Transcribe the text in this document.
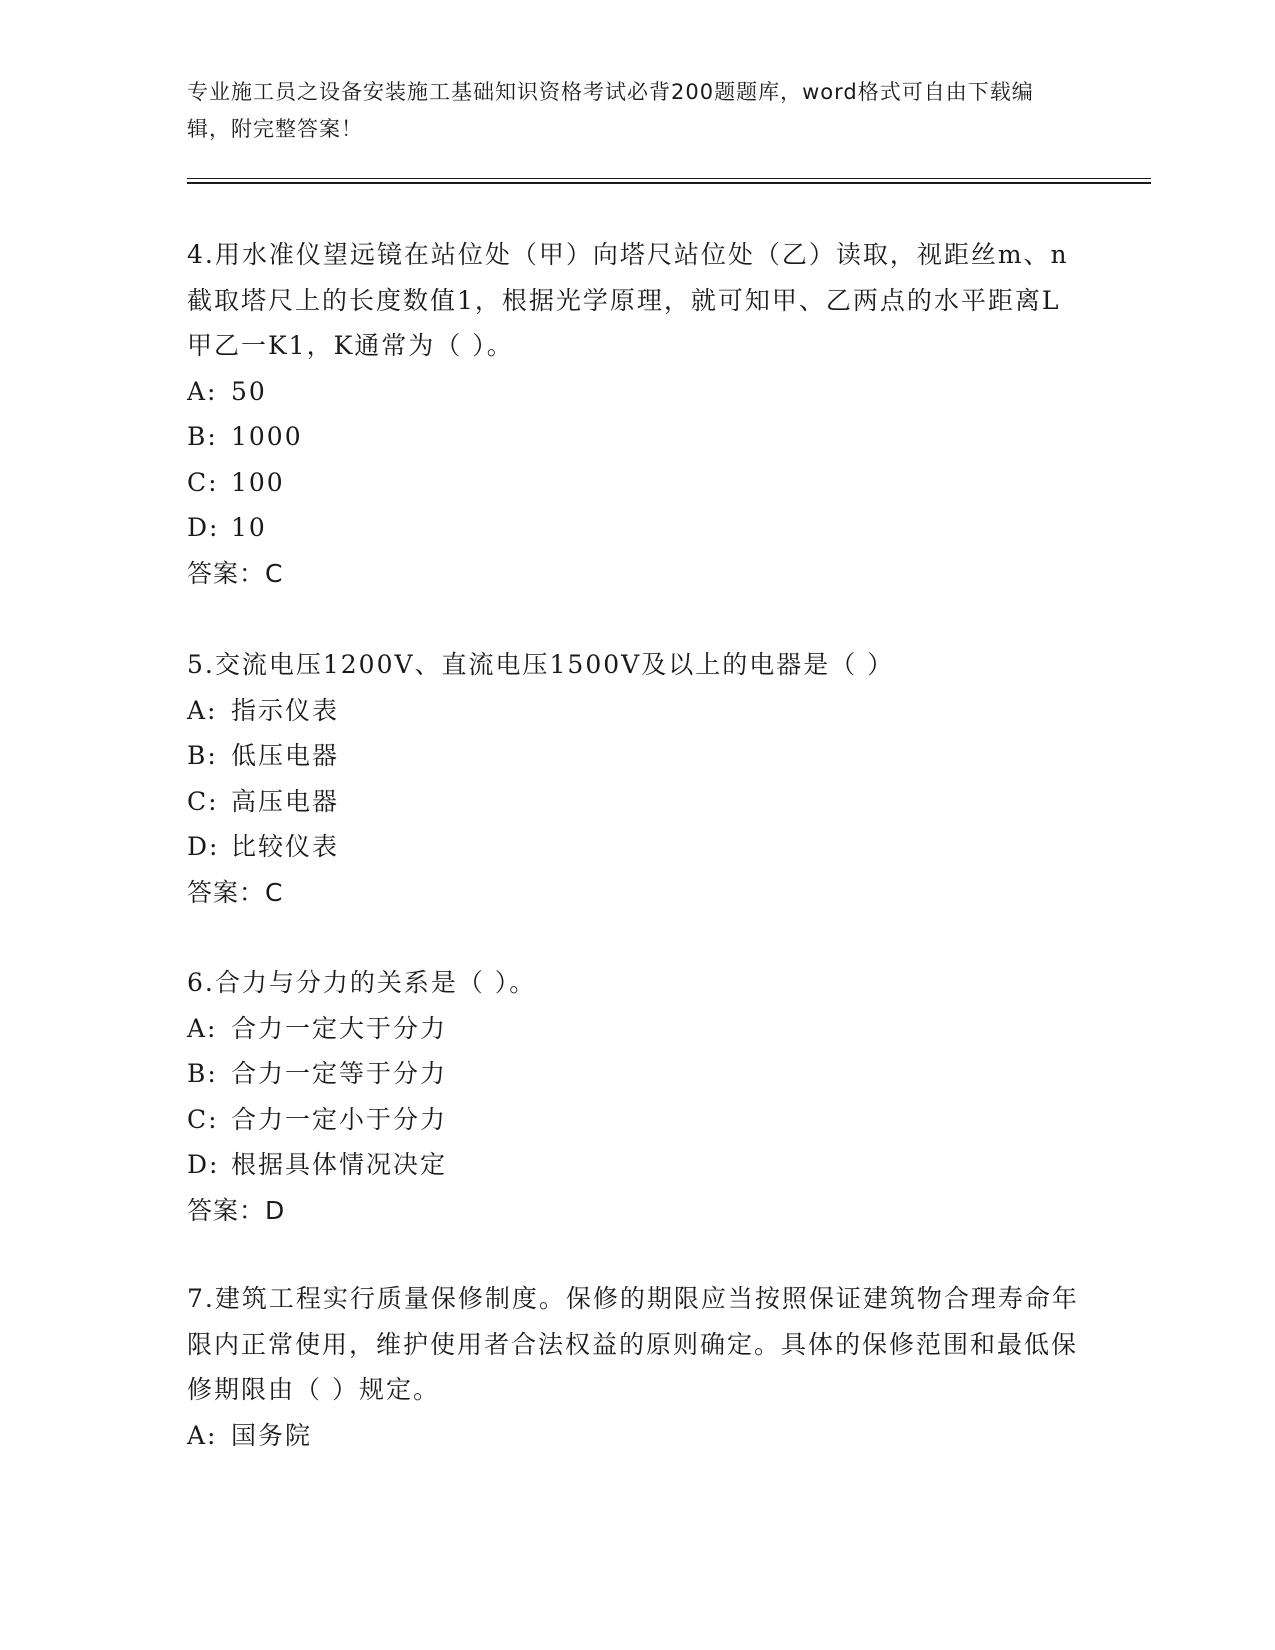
专业施工员之设备安装施工基础知识资格考试必背200题题库，word格式可自由下载编辑，附完整答案！
4.用水准仪望远镜在站位处（甲）向塔尺站位处（乙）读取，视距丝m、n截取塔尺上的长度数值1，根据光学原理，就可知甲、乙两点的水平距离L甲乙一K1，K通常为（ ）。
A: 50
B: 1000
C: 100
D: 10
答案：C
5.交流电压1200V、直流电压1500V及以上的电器是（ ）
A: 指示仪表
B: 低压电器
C: 高压电器
D: 比较仪表
答案：C
6.合力与分力的关系是（ ）。
A: 合力一定大于分力
B: 合力一定等于分力
C: 合力一定小于分力
D: 根据具体情况决定
答案：D
7.建筑工程实行质量保修制度。保修的期限应当按照保证建筑物合理寿命年限内正常使用，维护使用者合法权益的原则确定。具体的保修范围和最低保修期限由（ ）规定。
A: 国务院
